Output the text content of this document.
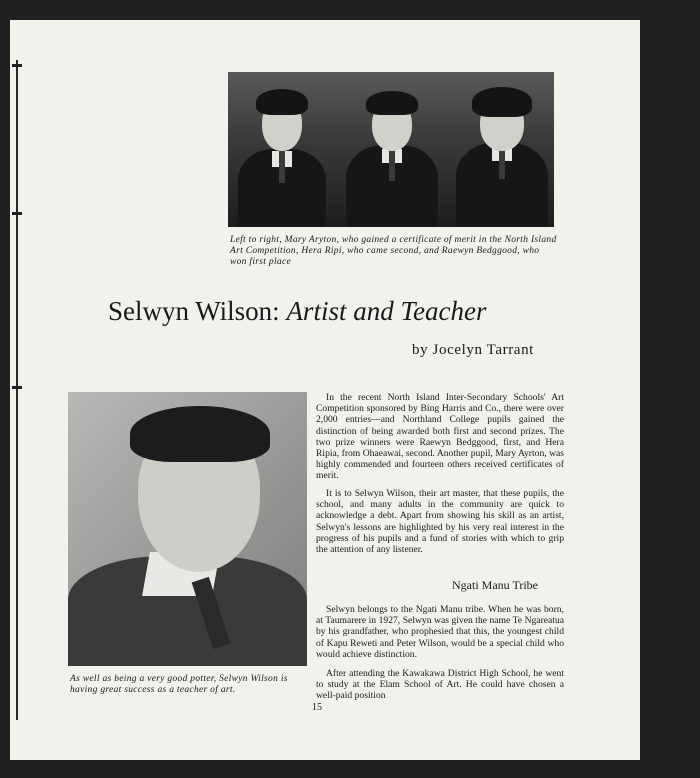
Left to right, Mary Aryton, who gained a certificate of merit in the North Island Art Competition, Hera Ripi, who came second, and Raewyn Bedggood, who won first place

Selwyn Wilson: Artist and Teacher

by Jocelyn Tarrant

As well as being a very good potter, Selwyn Wilson is having great success as a teacher of art.

In the recent North Island Inter-Secondary Schools' Art Competition sponsored by Bing Harris and Co., there were over 2,000 entries—and Northland College pupils gained the distinction of being awarded both first and second prizes. The two prize winners were Raewyn Bedggood, first, and Hera Ripia, from Ohaeawai, second. Another pupil, Mary Ayrton, was highly commended and fourteen others received certificates of merit.

It is to Selwyn Wilson, their art master, that these pupils, the school, and many adults in the community are quick to acknowledge a debt. Apart from showing his skill as an artist, Selwyn's lessons are highlighted by his very real interest in the progress of his pupils and a fund of stories with which to grip the attention of any listener.

Ngati Manu Tribe

Selwyn belongs to the Ngati Manu tribe. When he was born, at Taumarere in 1927, Selwyn was given the name Te Ngareatua by his grandfather, who prophesied that this, the youngest child of Kapu Reweti and Peter Wilson, would be a special child who would achieve distinction.

After attending the Kawakawa District High School, he went to study at the Elam School of Art. He could have chosen a well-paid position

15
